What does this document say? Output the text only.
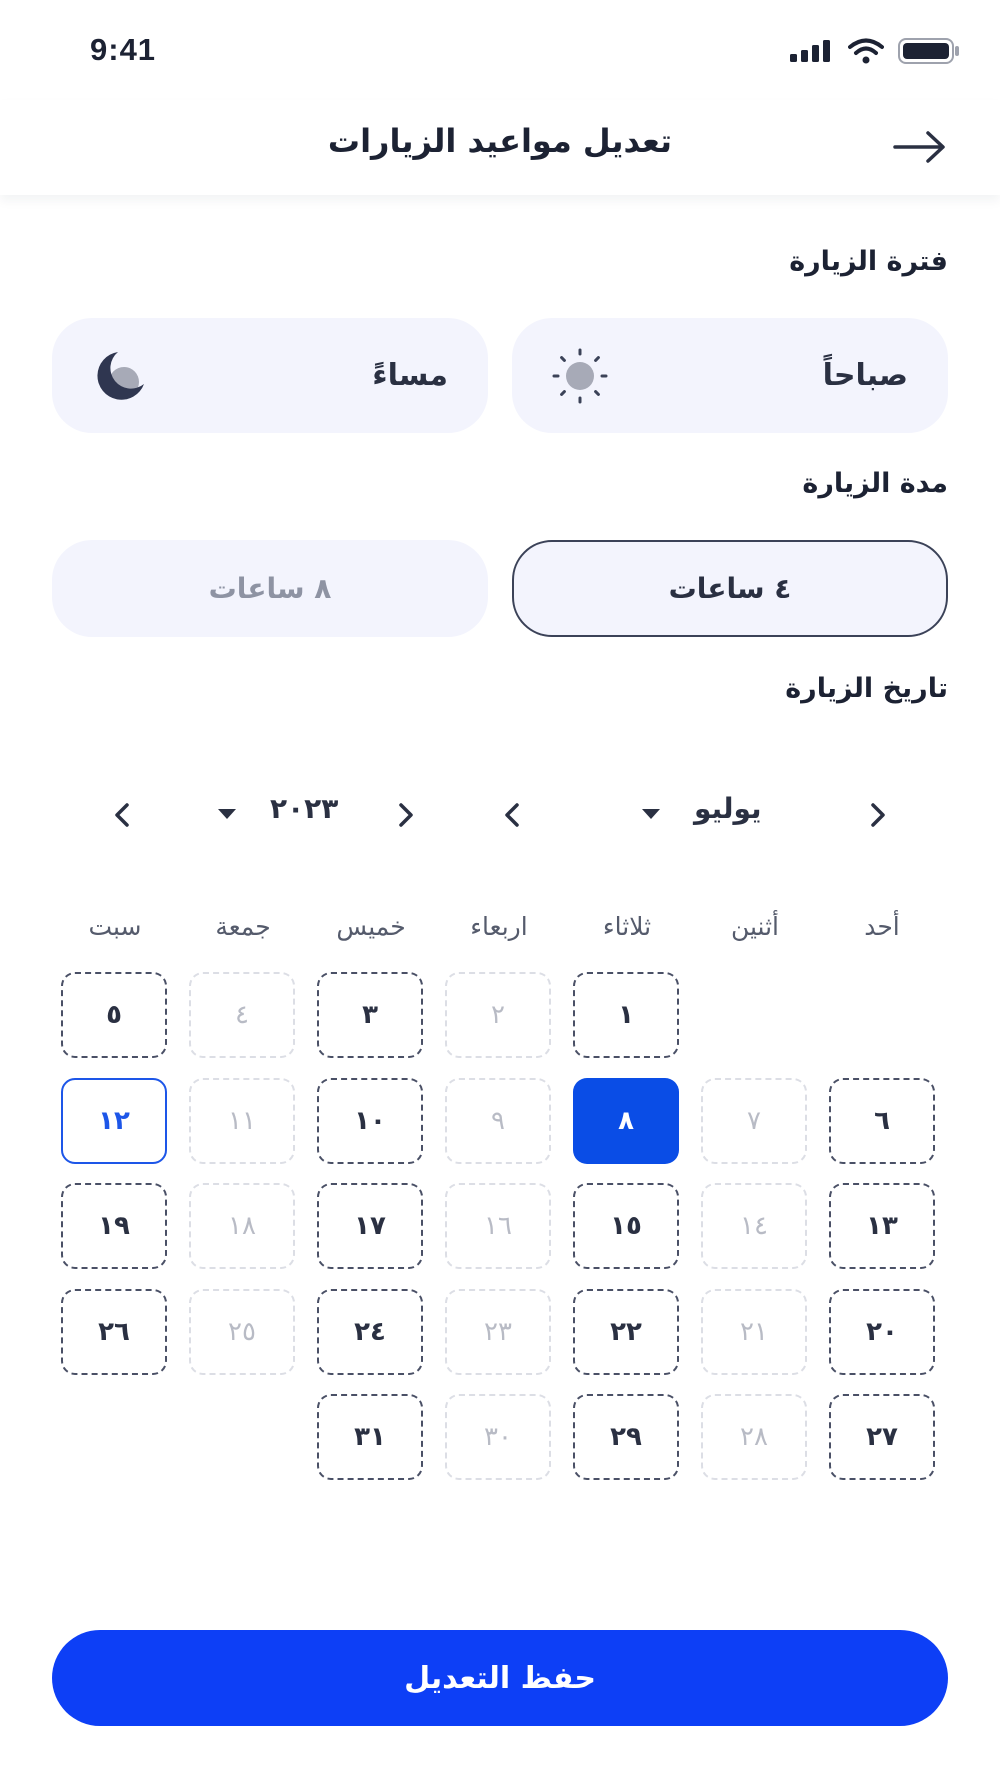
9:41
تعديل مواعيد الزيارات
فترة الزيارة
صباحاً
مساءً
مدة الزيارة
٤ ساعات
٨ ساعات
تاريخ الزيارة
٢٠٢٣	يوليو
أحد
أثنين
ثلاثاء
اربعاء
خميس
جمعة
سبت
١
٢
٣
٤
٥
٦
٧
٨
٩
١٠
١١
١٢
١٣
١٤
١٥
١٦
١٧
١٨
١٩
٢٠
٢١
٢٢
٢٣
٢٤
٢٥
٢٦
٢٧
٢٨
٢٩
٣٠
٣١
حفظ التعديل
